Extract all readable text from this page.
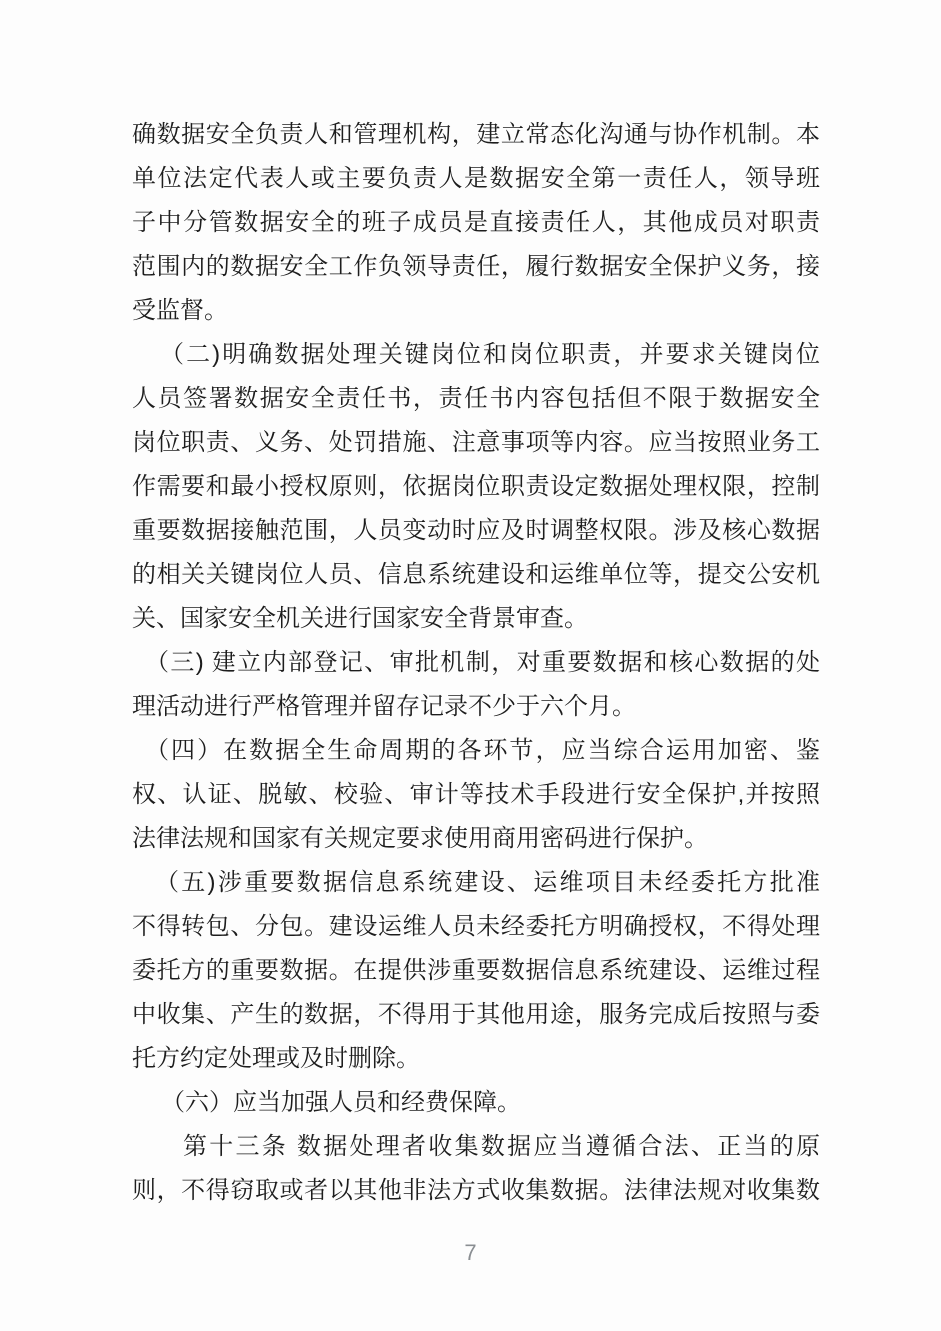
确数据安全负责人和管理机构，建立常态化沟通与协作机制。本
单位法定代表人或主要负责人是数据安全第一责任人，领导班
子中分管数据安全的班子成员是直接责任人，其他成员对职责
范围内的数据安全工作负领导责任，履行数据安全保护义务，接
受监督。
（二)明确数据处理关键岗位和岗位职责，并要求关键岗位
人员签署数据安全责任书，责任书内容包括但不限于数据安全
岗位职责、义务、处罚措施、注意事项等内容。应当按照业务工
作需要和最小授权原则，依据岗位职责设定数据处理权限，控制
重要数据接触范围，人员变动时应及时调整权限。涉及核心数据
的相关关键岗位人员、信息系统建设和运维单位等，提交公安机
关、国家安全机关进行国家安全背景审查。
（三) 建立内部登记、审批机制，对重要数据和核心数据的处
理活动进行严格管理并留存记录不少于六个月。
（四）在数据全生命周期的各环节，应当综合运用加密、鉴
权、认证、脱敏、校验、审计等技术手段进行安全保护,并按照
法律法规和国家有关规定要求使用商用密码进行保护。
（五)涉重要数据信息系统建设、运维项目未经委托方批准
不得转包、分包。建设运维人员未经委托方明确授权，不得处理
委托方的重要数据。在提供涉重要数据信息系统建设、运维过程
中收集、产生的数据，不得用于其他用途，服务完成后按照与委
托方约定处理或及时删除。
（六）应当加强人员和经费保障。
第十三条 数据处理者收集数据应当遵循合法、正当的原
则，不得窃取或者以其他非法方式收集数据。法律法规对收集数
7
